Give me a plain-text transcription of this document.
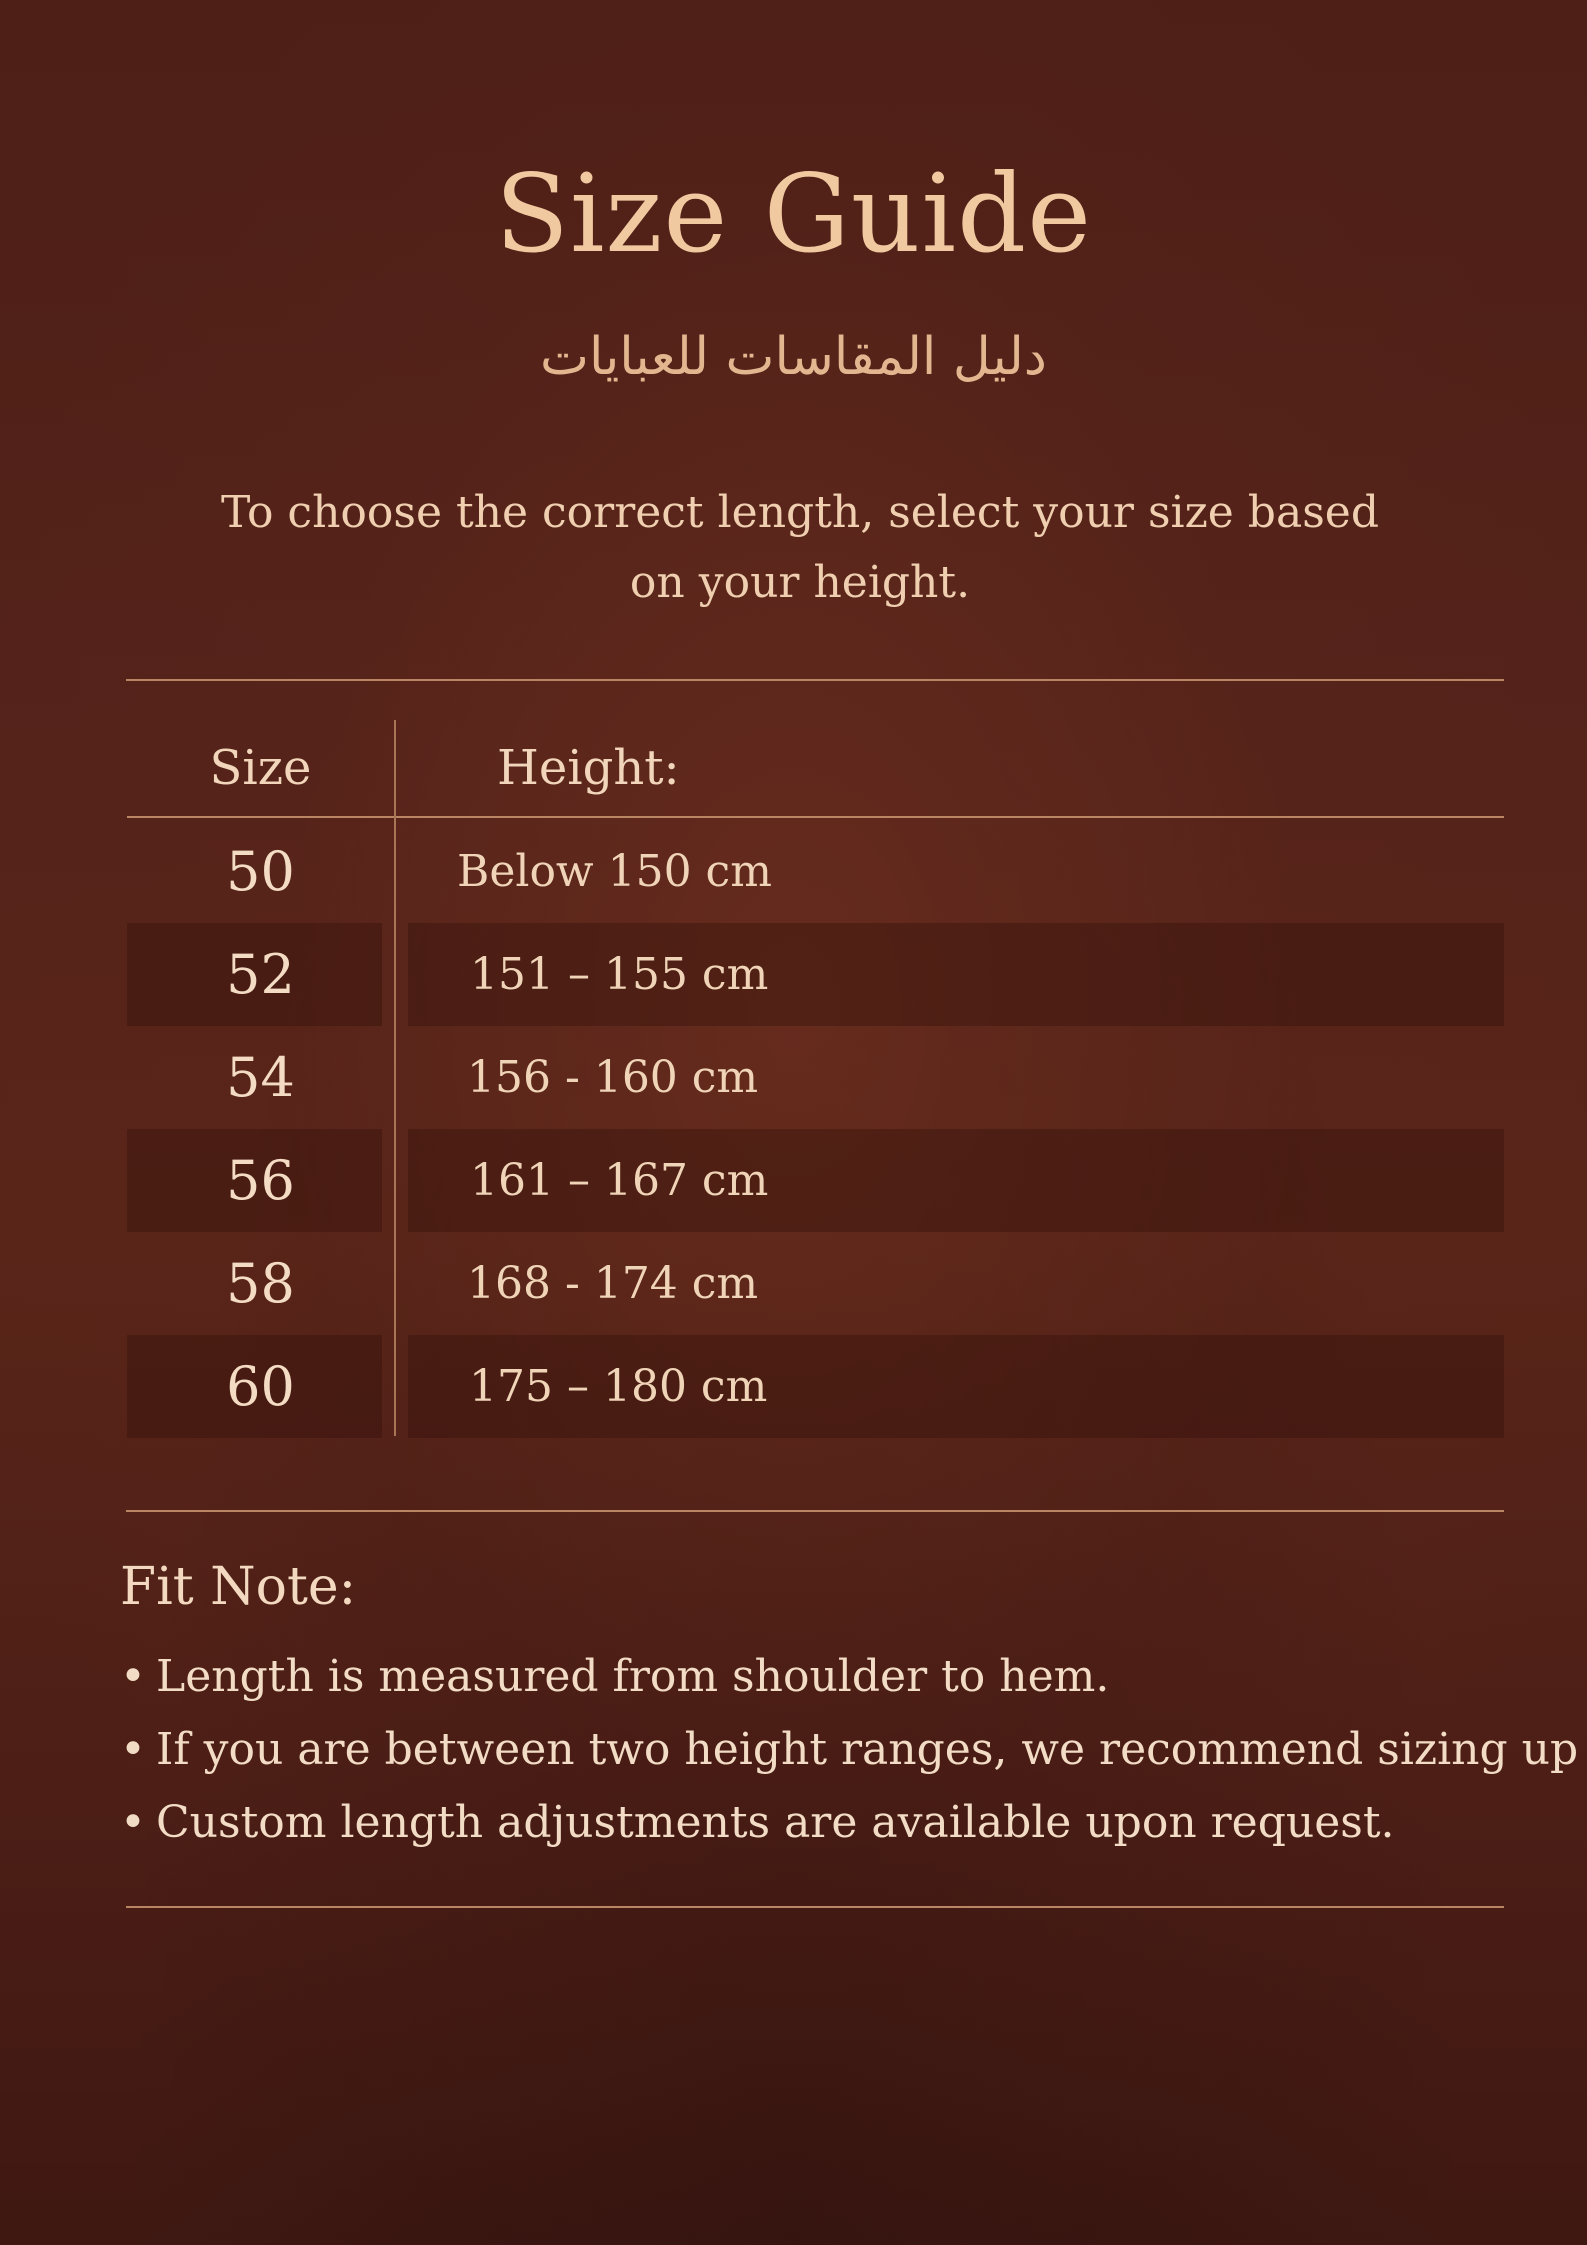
Size Guide
دليل المقاسات للعبايات
To choose the correct length, select your size based on your height.
Size	Height:
50	Below 150 cm
52	151 – 155 cm
54	156 - 160 cm
56	161 – 167 cm
58	168 - 174 cm
60	175 – 180 cm
Fit Note:
• Length is measured from shoulder to hem.
• If you are between two height ranges, we recommend sizing up
• Custom length adjustments are available upon request.
